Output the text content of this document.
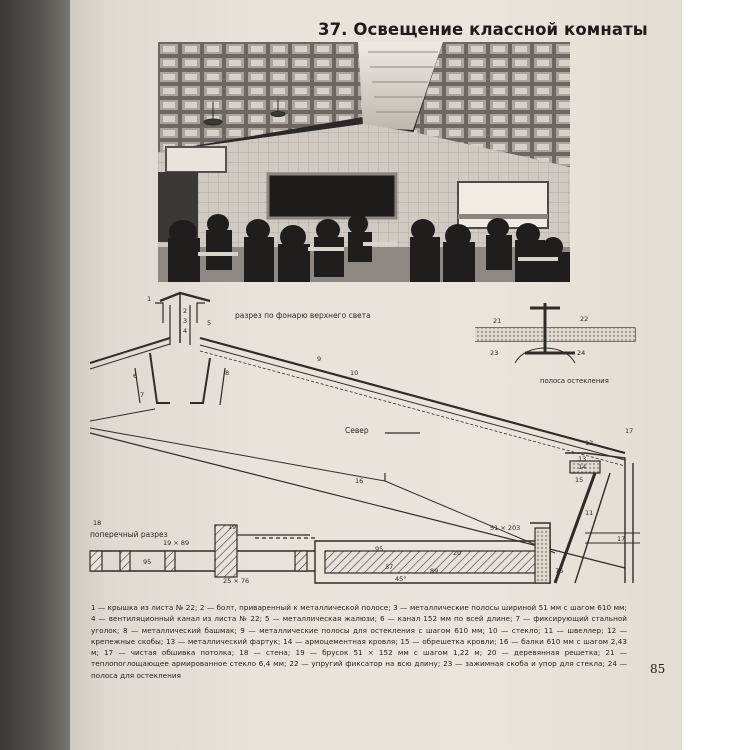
37. Освещение классной комнаты
разрез по фонарю верхнего света
поперечный разрез
полоса остекления
Север
51 × 203
19 × 89
25 × 76
95
95
45°
89	76
37
1
2
3
4
5
6
7
8
9
10
21	22
23	24
17
12
13
14
15
16
17
18	19
20
11
1 — крышка из листа № 22; 2 — болт, приваренный к металлической полосе; 3 — металлические полосы шириной 51 мм с шагом 610 мм; 4 — вентиляционный канал из листа № 22; 5 — металлическая жалюзи; 6 — канал 152 мм по всей длине; 7 — фиксирующий стальной уголок; 8 — металлический башмак; 9 — металлические полосы для остекления с шагом 610 мм; 10 — стекло; 11 — швеллер; 12 — крепежные скобы; 13 — металлический фартук; 14 — армоцементная кровля; 15 — обрешетка кровли; 16 — балки 610 мм с шагом 2,43 м; 17 — чистая обшивка потолка; 18 — стена; 19 — брусок 51 × 152 мм с шагом 1,22 м; 20 — деревянная решетка; 21 — теплопоглощающее армированное стекло 6,4 мм; 22 — упругий фиксатор на всю длину; 23 — зажимная скоба и упор для стекла; 24 — полоса для остекления	85
